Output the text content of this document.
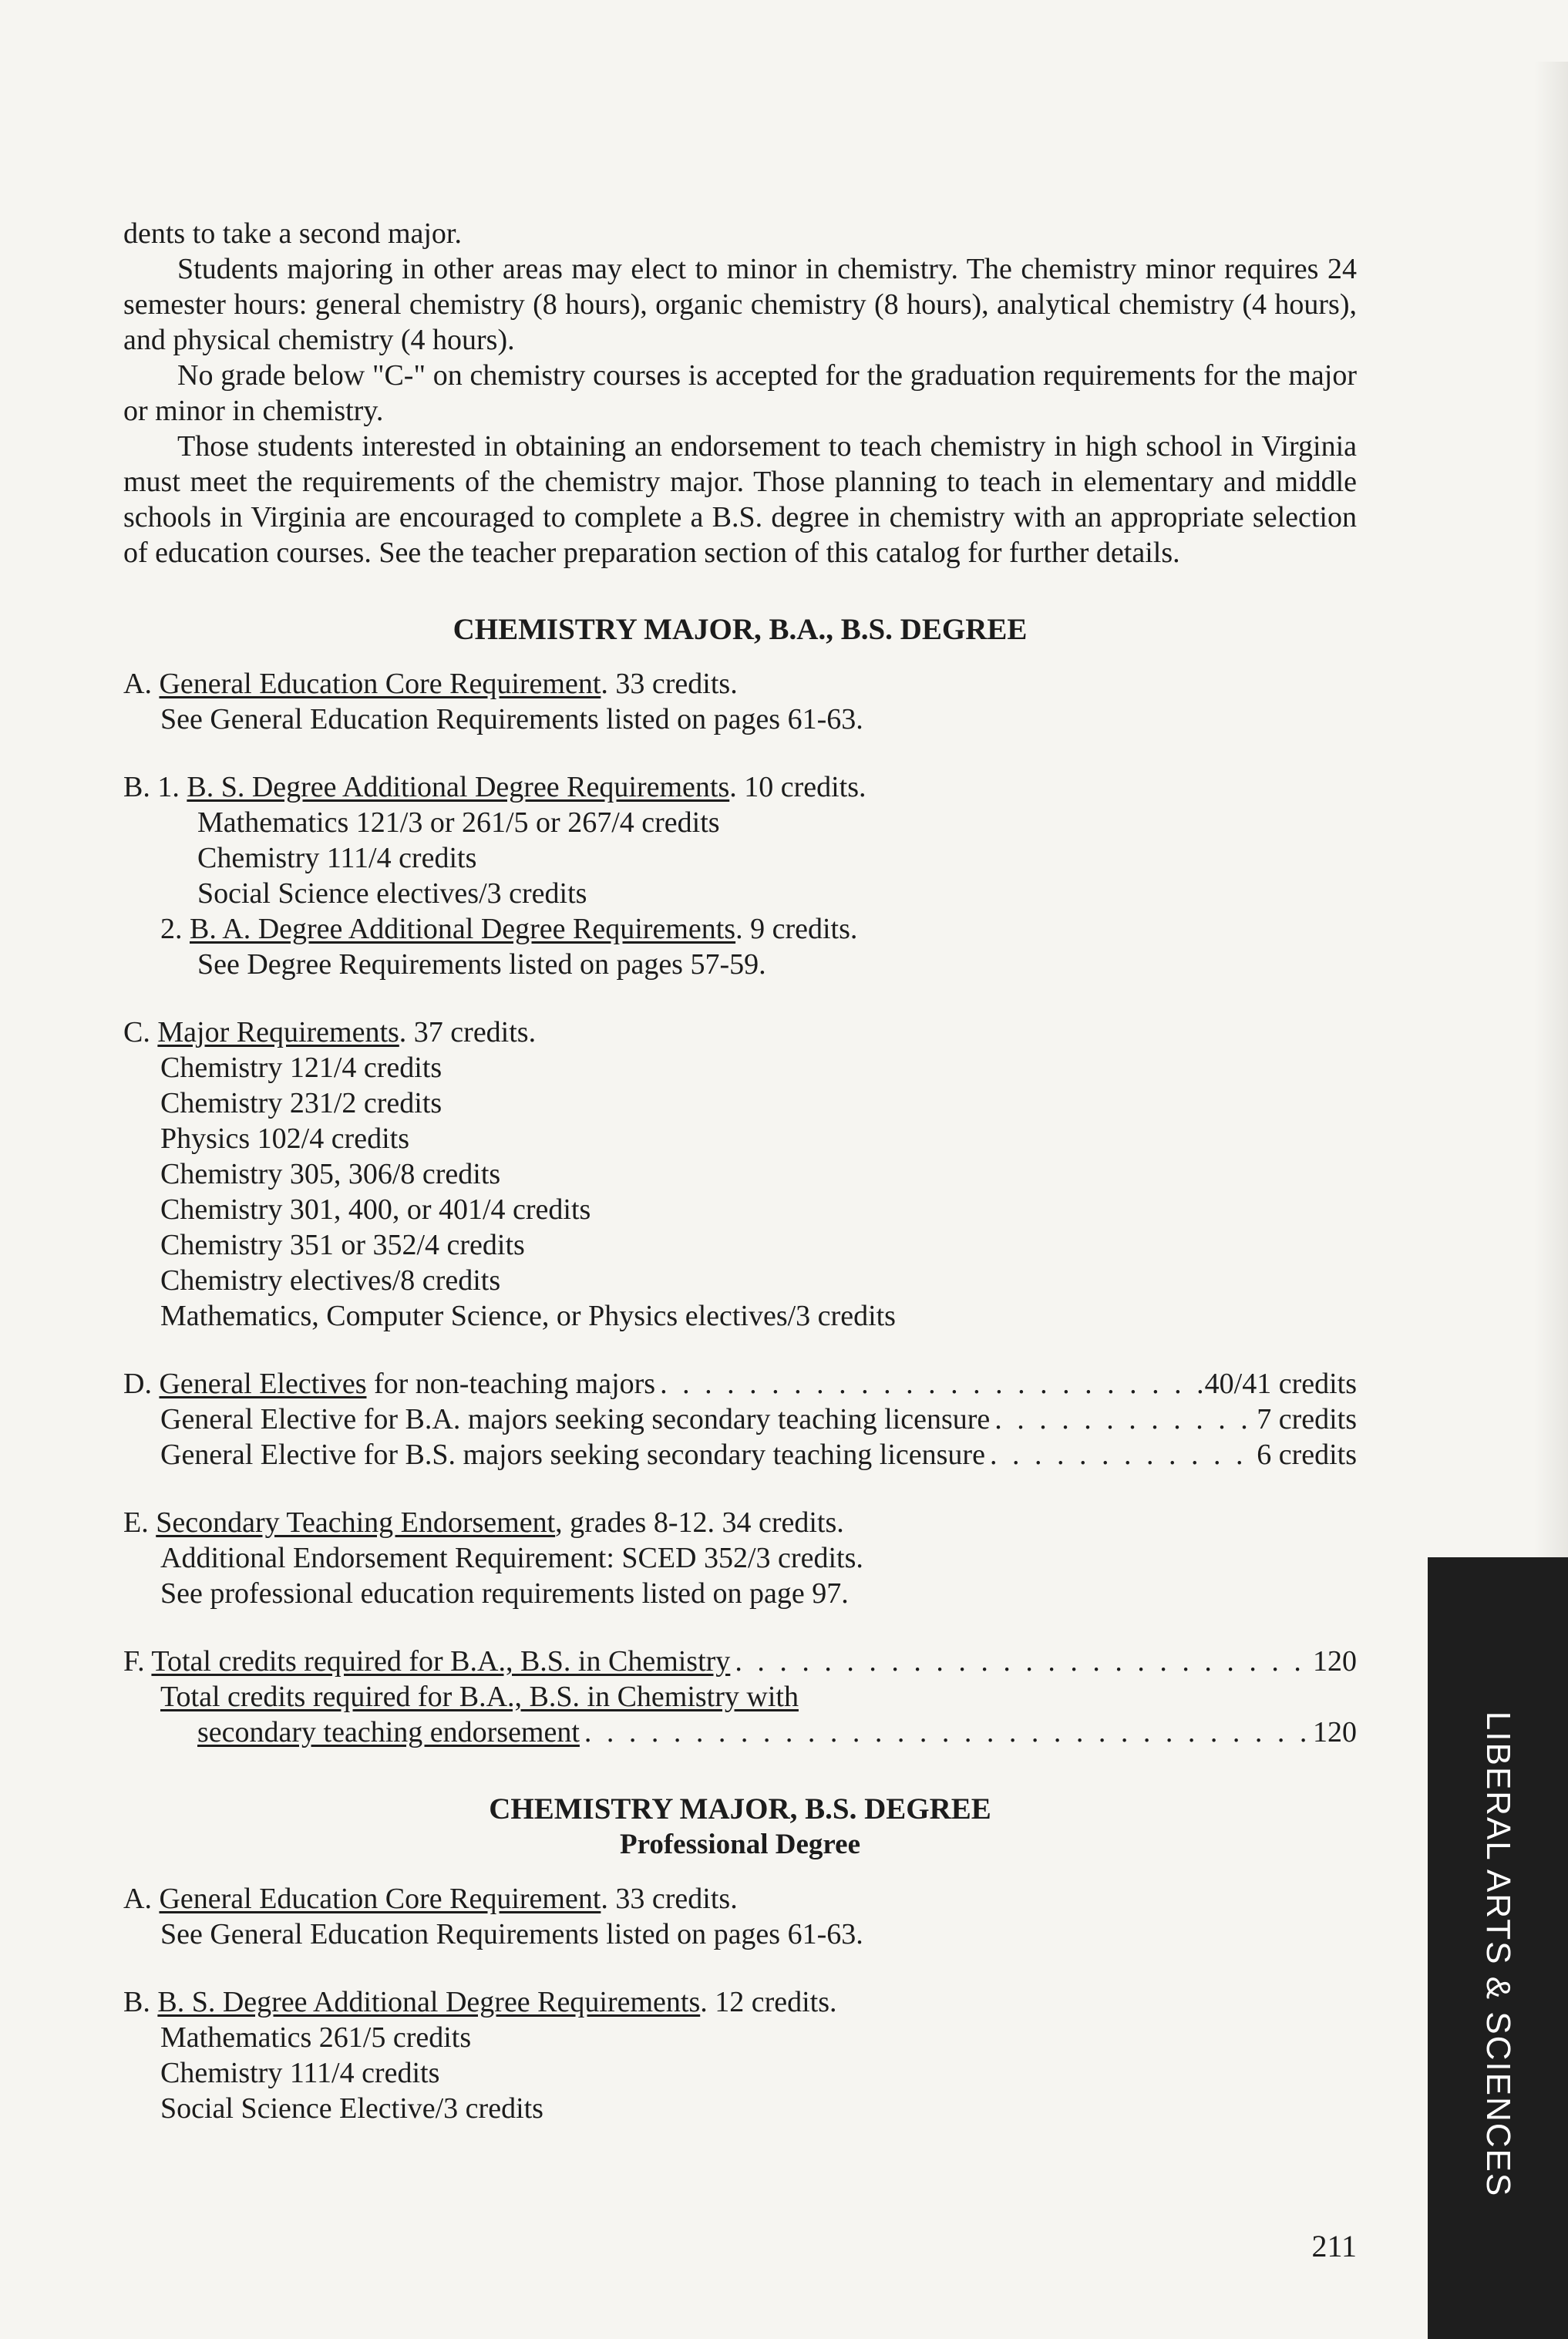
dents to take a second major.

Students majoring in other areas may elect to minor in chemistry. The chemistry minor requires 24 semester hours: general chemistry (8 hours), organic chemistry (8 hours), analytical chemistry (4 hours), and physical chemistry (4 hours).

No grade below "C-" on chemistry courses is accepted for the graduation requirements for the major or minor in chemistry.

Those students interested in obtaining an endorsement to teach chemistry in high school in Virginia must meet the requirements of the chemistry major. Those planning to teach in elementary and middle schools in Virginia are encouraged to complete a B.S. degree in chemistry with an appropriate selection of education courses. See the teacher preparation section of this catalog for further details.

CHEMISTRY MAJOR, B.A., B.S. DEGREE

A. General Education Core Requirement. 33 credits.

See General Education Requirements listed on pages 61-63.

B. 1. B. S. Degree Additional Degree Requirements. 10 credits.

Mathematics 121/3 or 261/5 or 267/4 credits

Chemistry 111/4 credits

Social Science electives/3 credits

2. B. A. Degree Additional Degree Requirements. 9 credits.

See Degree Requirements listed on pages 57-59.

C. Major Requirements. 37 credits.

Chemistry 121/4 credits

Chemistry 231/2 credits

Physics 102/4 credits

Chemistry 305, 306/8 credits

Chemistry 301, 400, or 401/4 credits

Chemistry 351 or 352/4 credits

Chemistry electives/8 credits

Mathematics, Computer Science, or Physics electives/3 credits

D. General Electives for non-teaching majors . . .	40/41 credits
General Elective for B.A. majors seeking secondary teaching licensure . . .	7 credits
General Elective for B.S. majors seeking secondary teaching licensure . . .	6 credits

E. Secondary Teaching Endorsement, grades 8-12. 34 credits.

Additional Endorsement Requirement: SCED 352/3 credits.

See professional education requirements listed on page 97.

F. Total credits required for B.A., B.S. in Chemistry . . .	120

Total credits required for B.A., B.S. in Chemistry with

secondary teaching endorsement . . .	120

CHEMISTRY MAJOR, B.S. DEGREE

Professional Degree

A. General Education Core Requirement. 33 credits.

See General Education Requirements listed on pages 61-63.

B. B. S. Degree Additional Degree Requirements. 12 credits.

Mathematics 261/5 credits

Chemistry 111/4 credits

Social Science Elective/3 credits	LIBERAL ARTS & SCIENCES
211
